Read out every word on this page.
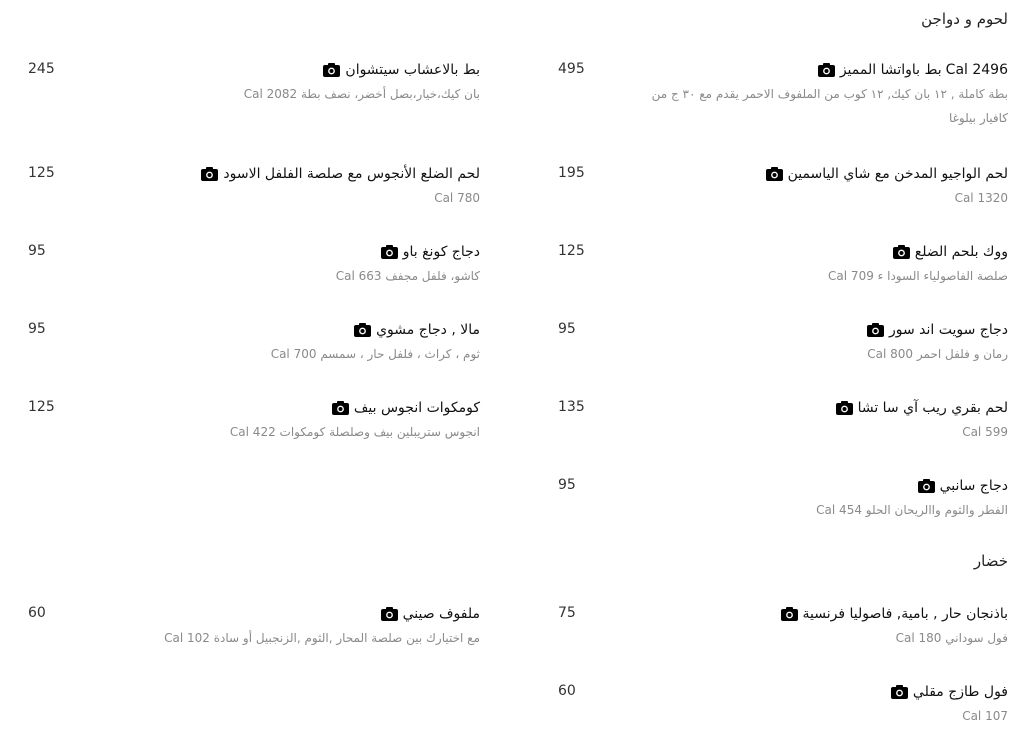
لحوم و دواجن
خضار
Cal 2496
بط باواتشا المميز
بطة كاملة , ١٢ بان كيك, ١٢ كوب من الملفوف الاحمر يقدم مع ٣٠ ج من كافيار بيلوغا
495
لحم الواجيو المدخن مع شاي الياسمين
Cal 1320
195
ووك بلحم الضلع
صلصة الفاصولياء السودا ء Cal 709
125
دجاج سويت اند سور
رمان و فلفل احمر Cal 800
95
لحم بقري ريب آي سا تشا
Cal 599
135
دجاج سانبي
الفطر والثوم واالريحان الحلو Cal 454
95
باذنجان حار , بامية, فاصوليا فرنسية
فول سوداني Cal 180
75
فول طازج مقلي
Cal 107
60
بط بالاعشاب سيتشوان
بان كيك،خيار،بصل أخضر، نصف بطة Cal 2082
245
لحم الضلع الأنجوس مع صلصة الفلفل الاسود
Cal 780
125
دجاج كونغ باو
كاشو، فلفل مجفف Cal 663
95
مالا , دجاج مشوي
ثوم ، كراث ، فلفل حار ، سمسم Cal 700
95
كومكوات انجوس بيف
انجوس ستريبلين بيف وصلصلة كومكوات Cal 422
125
ملفوف صيني
مع اختيارك بين صلصة المحار ,الثوم ,الزنجبيل أو سادة Cal 102
60
